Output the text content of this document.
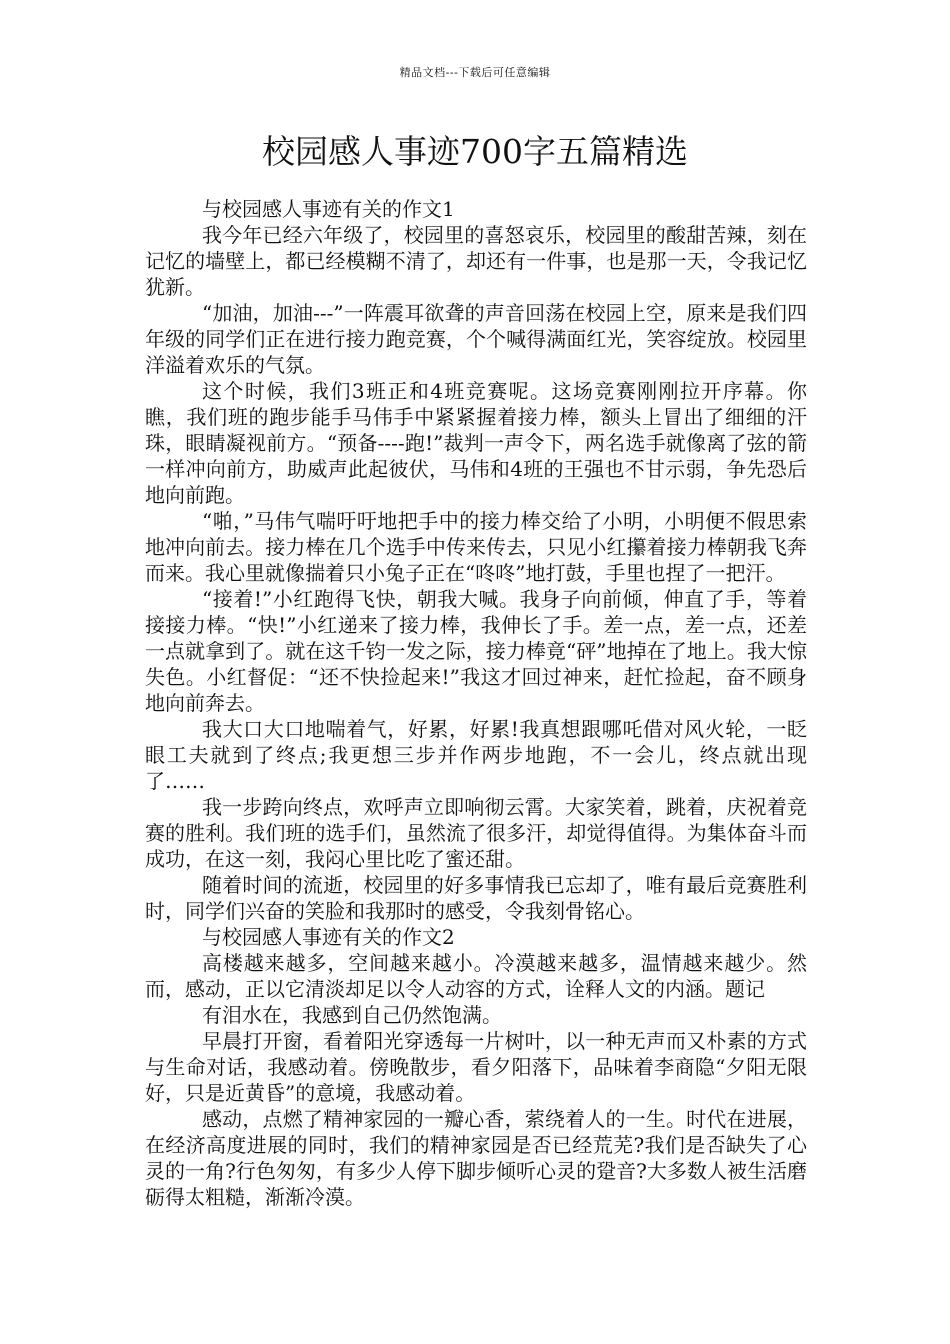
精品文档---下载后可任意编辑
校园感人事迹700字五篇精选

与校园感人事迹有关的作文1

我今年已经六年级了，校园里的喜怒哀乐，校园里的酸甜苦辣，刻在记忆的墙壁上，都已经模糊不清了，却还有一件事，也是那一天，令我记忆犹新。

“加油，加油---”一阵震耳欲聋的声音回荡在校园上空，原来是我们四年级的同学们正在进行接力跑竞赛，个个喊得满面红光，笑容绽放。校园里洋溢着欢乐的气氛。

这个时候，我们3班正和4班竞赛呢。这场竞赛刚刚拉开序幕。你瞧，我们班的跑步能手马伟手中紧紧握着接力棒，额头上冒出了细细的汗珠，眼睛凝视前方。“预备----跑!”裁判一声令下，两名选手就像离了弦的箭一样冲向前方，助威声此起彼伏，马伟和4班的王强也不甘示弱，争先恐后地向前跑。

“啪，”马伟气喘吁吁地把手中的接力棒交给了小明，小明便不假思索地冲向前去。接力棒在几个选手中传来传去，只见小红攥着接力棒朝我飞奔而来。我心里就像揣着只小兔子正在“咚咚”地打鼓，手里也捏了一把汗。

“接着!”小红跑得飞快，朝我大喊。我身子向前倾，伸直了手，等着接接力棒。“快!”小红递来了接力棒，我伸长了手。差一点，差一点，还差一点就拿到了。就在这千钧一发之际，接力棒竟“砰”地掉在了地上。我大惊失色。小红督促：“还不快捡起来!”我这才回过神来，赶忙捡起，奋不顾身地向前奔去。

我大口大口地喘着气，好累，好累!我真想跟哪吒借对风火轮，一眨眼工夫就到了终点;我更想三步并作两步地跑，不一会儿，终点就出现了……

我一步跨向终点，欢呼声立即响彻云霄。大家笑着，跳着，庆祝着竞赛的胜利。我们班的选手们，虽然流了很多汗，却觉得值得。为集体奋斗而成功，在这一刻，我闷心里比吃了蜜还甜。

随着时间的流逝，校园里的好多事情我已忘却了，唯有最后竞赛胜利时，同学们兴奋的笑脸和我那时的感受，令我刻骨铭心。

与校园感人事迹有关的作文2

高楼越来越多，空间越来越小。冷漠越来越多，温情越来越少。然而，感动，正以它清淡却足以令人动容的方式，诠释人文的内涵。题记

有泪水在，我感到自己仍然饱满。

早晨打开窗，看着阳光穿透每一片树叶，以一种无声而又朴素的方式与生命对话，我感动着。傍晚散步，看夕阳落下，品味着李商隐“夕阳无限好，只是近黄昏”的意境，我感动着。

感动，点燃了精神家园的一瓣心香，萦绕着人的一生。时代在进展，在经济高度进展的同时，我们的精神家园是否已经荒芜?我们是否缺失了心灵的一角?行色匆匆，有多少人停下脚步倾听心灵的跫音?大多数人被生活磨砺得太粗糙，渐渐冷漠。
